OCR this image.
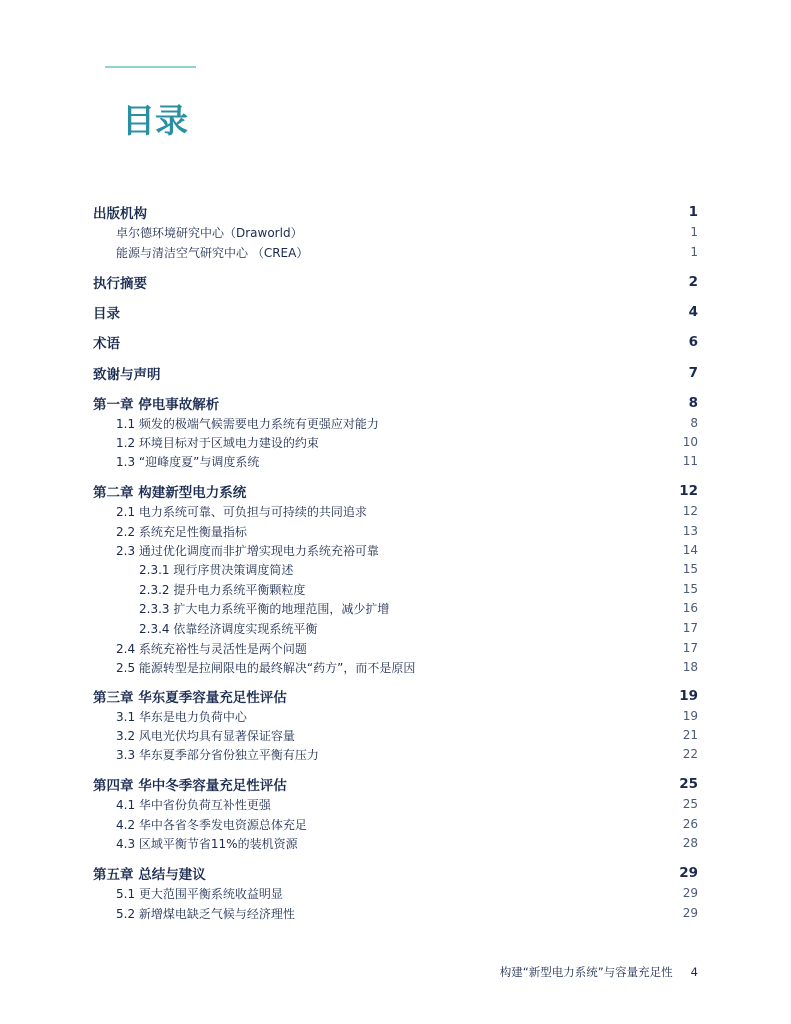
目录
出版机构	1
卓尔德环境研究中心（Draworld）	1
能源与清洁空气研究中心 （CREA）	1
执行摘要	2
目录	4
术语	6
致谢与声明	7
第一章 停电事故解析	8
1.1 频发的极端气候需要电力系统有更强应对能力	8
1.2 环境目标对于区域电力建设的约束	10
1.3 “迎峰度夏”与调度系统	11
第二章 构建新型电力系统	12
2.1 电力系统可靠、可负担与可持续的共同追求	12
2.2 系统充足性衡量指标	13
2.3 通过优化调度而非扩增实现电力系统充裕可靠	14
2.3.1 现行序贯决策调度简述	15
2.3.2 提升电力系统平衡颗粒度	15
2.3.3 扩大电力系统平衡的地理范围，减少扩增	16
2.3.4 依靠经济调度实现系统平衡	17
2.4 系统充裕性与灵活性是两个问题	17
2.5 能源转型是拉闸限电的最终解决“药方”，而不是原因	18
第三章 华东夏季容量充足性评估	19
3.1 华东是电力负荷中心	19
3.2 风电光伏均具有显著保证容量	21
3.3 华东夏季部分省份独立平衡有压力	22
第四章 华中冬季容量充足性评估	25
4.1 华中省份负荷互补性更强	25
4.2 华中各省冬季发电资源总体充足	26
4.3 区域平衡节省11%的装机资源	28
第五章 总结与建议	29
5.1 更大范围平衡系统收益明显	29
5.2 新增煤电缺乏气候与经济理性	29
构建“新型电力系统”与容量充足性 4
